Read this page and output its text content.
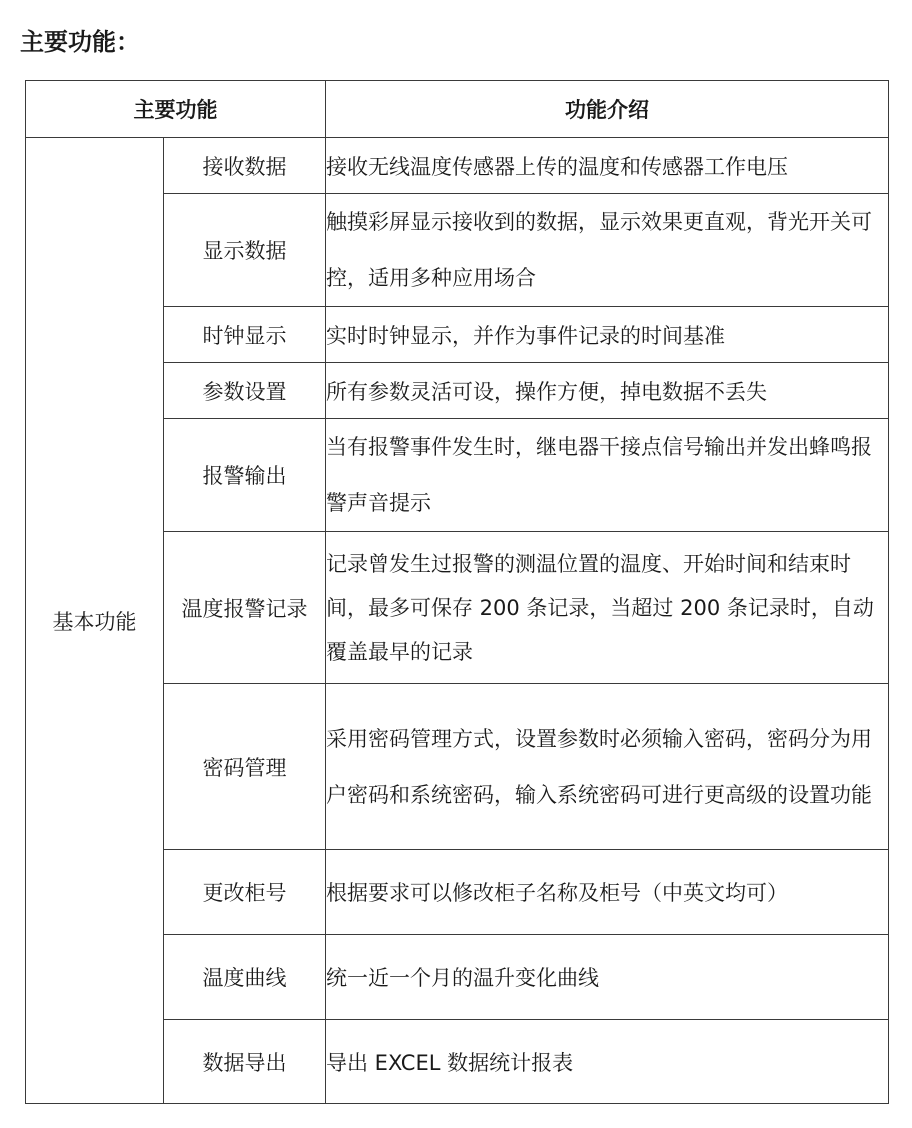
主要功能：
主要功能		功能介绍
基本功能	接收数据	接收无线温度传感器上传的温度和传感器工作电压
	显示数据	触摸彩屏显示接收到的数据，显示效果更直观，背光开关可控，适用多种应用场合
	时钟显示	实时时钟显示，并作为事件记录的时间基准
	参数设置	所有参数灵活可设，操作方便，掉电数据不丢失
	报警输出	当有报警事件发生时，继电器干接点信号输出并发出蜂鸣报警声音提示
	温度报警记录	记录曾发生过报警的测温位置的温度、开始时间和结束时间，最多可保存 200 条记录，当超过 200 条记录时，自动覆盖最早的记录
	密码管理	采用密码管理方式，设置参数时必须输入密码，密码分为用户密码和系统密码，输入系统密码可进行更高级的设置功能
	更改柜号	根据要求可以修改柜子名称及柜号（中英文均可）
	温度曲线	统一近一个月的温升变化曲线
	数据导出	导出 EXCEL 数据统计报表
